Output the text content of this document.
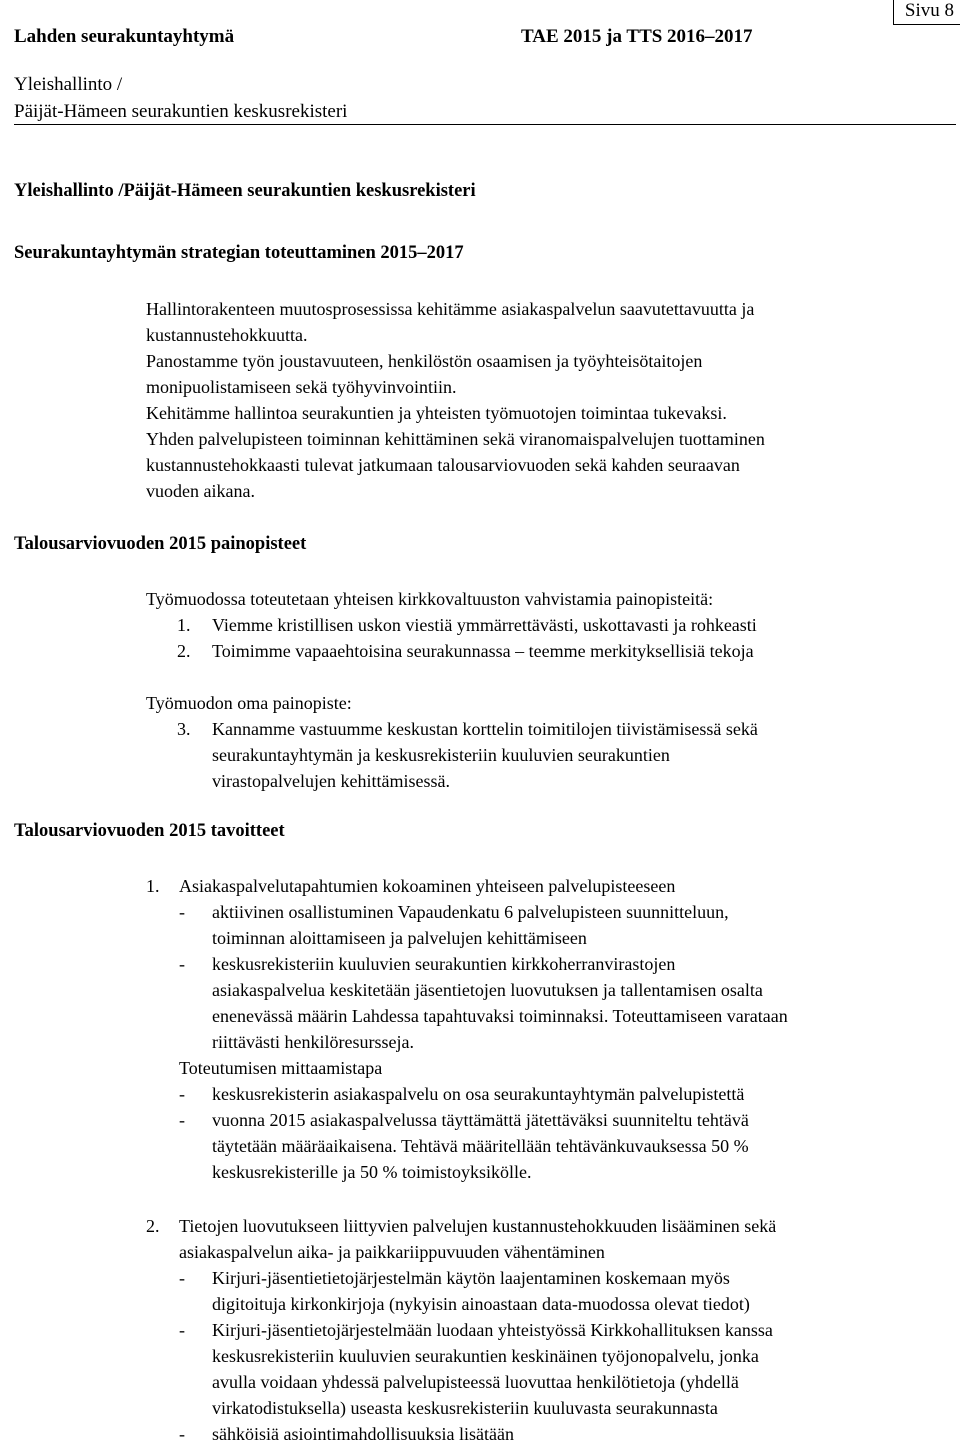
Lahden seurakuntayhtymä	TAE 2015 ja TTS 2016–2017
Sivu 8
Yleishallinto /
Päijät-Hämeen seurakuntien keskusrekisteri
Yleishallinto /Päijät-Hämeen seurakuntien keskusrekisteri
Seurakuntayhtymän strategian toteuttaminen 2015–2017
Hallintorakenteen muutosprosessissa kehitämme asiakaspalvelun saavutettavuutta ja
kustannustehokkuutta.
Panostamme työn joustavuuteen, henkilöstön osaamisen ja työyhteisötaitojen
monipuolistamiseen sekä työhyvinvointiin.
Kehitämme hallintoa seurakuntien ja yhteisten työmuotojen toimintaa tukevaksi.
Yhden palvelupisteen toiminnan kehittäminen sekä viranomaispalvelujen tuottaminen
kustannustehokkaasti tulevat jatkumaan talousarviovuoden sekä kahden seuraavan
vuoden aikana.
Talousarviovuoden 2015 painopisteet
Työmuodossa toteutetaan yhteisen kirkkovaltuuston vahvistamia painopisteitä:
1. Viemme kristillisen uskon viestiä ymmärrettävästi, uskottavasti ja rohkeasti
2. Toimimme vapaaehtoisina seurakunnassa – teemme merkityksellisiä tekoja
Työmuodon oma painopiste:
3. Kannamme vastuumme keskustan korttelin toimitilojen tiivistämisessä sekä
seurakuntayhtymän ja keskusrekisteriin kuuluvien seurakuntien
virastopalvelujen kehittämisessä.
Talousarviovuoden 2015 tavoitteet
1. Asiakaspalvelutapahtumien kokoaminen yhteiseen palvelupisteeseen
- aktiivinen osallistuminen Vapaudenkatu 6 palvelupisteen suunnitteluun,
toiminnan aloittamiseen ja palvelujen kehittämiseen
- keskusrekisteriin kuuluvien seurakuntien kirkkoherranvirastojen
asiakaspalvelua keskitetään jäsentietojen luovutuksen ja tallentamisen osalta
enenevässä määrin Lahdessa tapahtuvaksi toiminnaksi. Toteuttamiseen varataan
riittävästi henkilöresursseja.
Toteutumisen mittaamistapa
- keskusrekisterin asiakaspalvelu on osa seurakuntayhtymän palvelupistettä
- vuonna 2015 asiakaspalvelussa täyttämättä jätettäväksi suunniteltu tehtävä
täytetään määräaikaisena. Tehtävä määritellään tehtävänkuvauksessa 50 %
keskusrekisterille ja 50 % toimistoyksikölle.
2. Tietojen luovutukseen liittyvien palvelujen kustannustehokkuuden lisääminen sekä
asiakaspalvelun aika- ja paikkariippuvuuden vähentäminen
- Kirjuri-jäsentietietojärjestelmän käytön laajentaminen koskemaan myös
digitoituja kirkonkirjoja (nykyisin ainoastaan data-muodossa olevat tiedot)
- Kirjuri-jäsentietojärjestelmään luodaan yhteistyössä Kirkkohallituksen kanssa
keskusrekisteriin kuuluvien seurakuntien keskinäinen työjonopalvelu, jonka
avulla voidaan yhdessä palvelupisteessä luovuttaa henkilötietoja (yhdellä
virkatodistuksella) useasta keskusrekisteriin kuuluvasta seurakunnasta
- sähköisiä asiointimahdollisuuksia lisätään
